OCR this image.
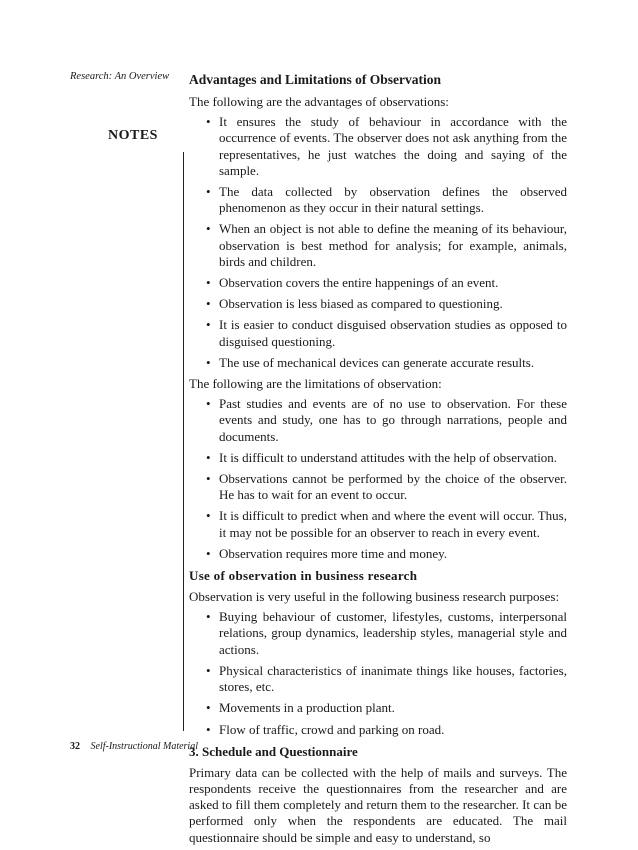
Research: An Overview
NOTES
Advantages and Limitations of Observation

The following are the advantages of observations:

• It ensures the study of behaviour in accordance with the occurrence of events. The observer does not ask anything from the representatives, he just watches the doing and saying of the sample.
• The data collected by observation defines the observed phenomenon as they occur in their natural settings.
• When an object is not able to define the meaning of its behaviour, observation is best method for analysis; for example, animals, birds and children.
• Observation covers the entire happenings of an event.
• Observation is less biased as compared to questioning.
• It is easier to conduct disguised observation studies as opposed to disguised questioning.
• The use of mechanical devices can generate accurate results.

The following are the limitations of observation:

• Past studies and events are of no use to observation. For these events and study, one has to go through narrations, people and documents.
• It is difficult to understand attitudes with the help of observation.
• Observations cannot be performed by the choice of the observer. He has to wait for an event to occur.
• It is difficult to predict when and where the event will occur. Thus, it may not be possible for an observer to reach in every event.
• Observation requires more time and money.
Use of observation in business research

Observation is very useful in the following business research purposes:

• Buying behaviour of customer, lifestyles, customs, interpersonal relations, group dynamics, leadership styles, managerial style and actions.
• Physical characteristics of inanimate things like houses, factories, stores, etc.
• Movements in a production plant.
• Flow of traffic, crowd and parking on road.
3. Schedule and Questionnaire

Primary data can be collected with the help of mails and surveys. The respondents receive the questionnaires from the researcher and are asked to fill them completely and return them to the researcher. It can be performed only when the respondents are educated. The mail questionnaire should be simple and easy to understand, so

32 Self-Instructional Material
